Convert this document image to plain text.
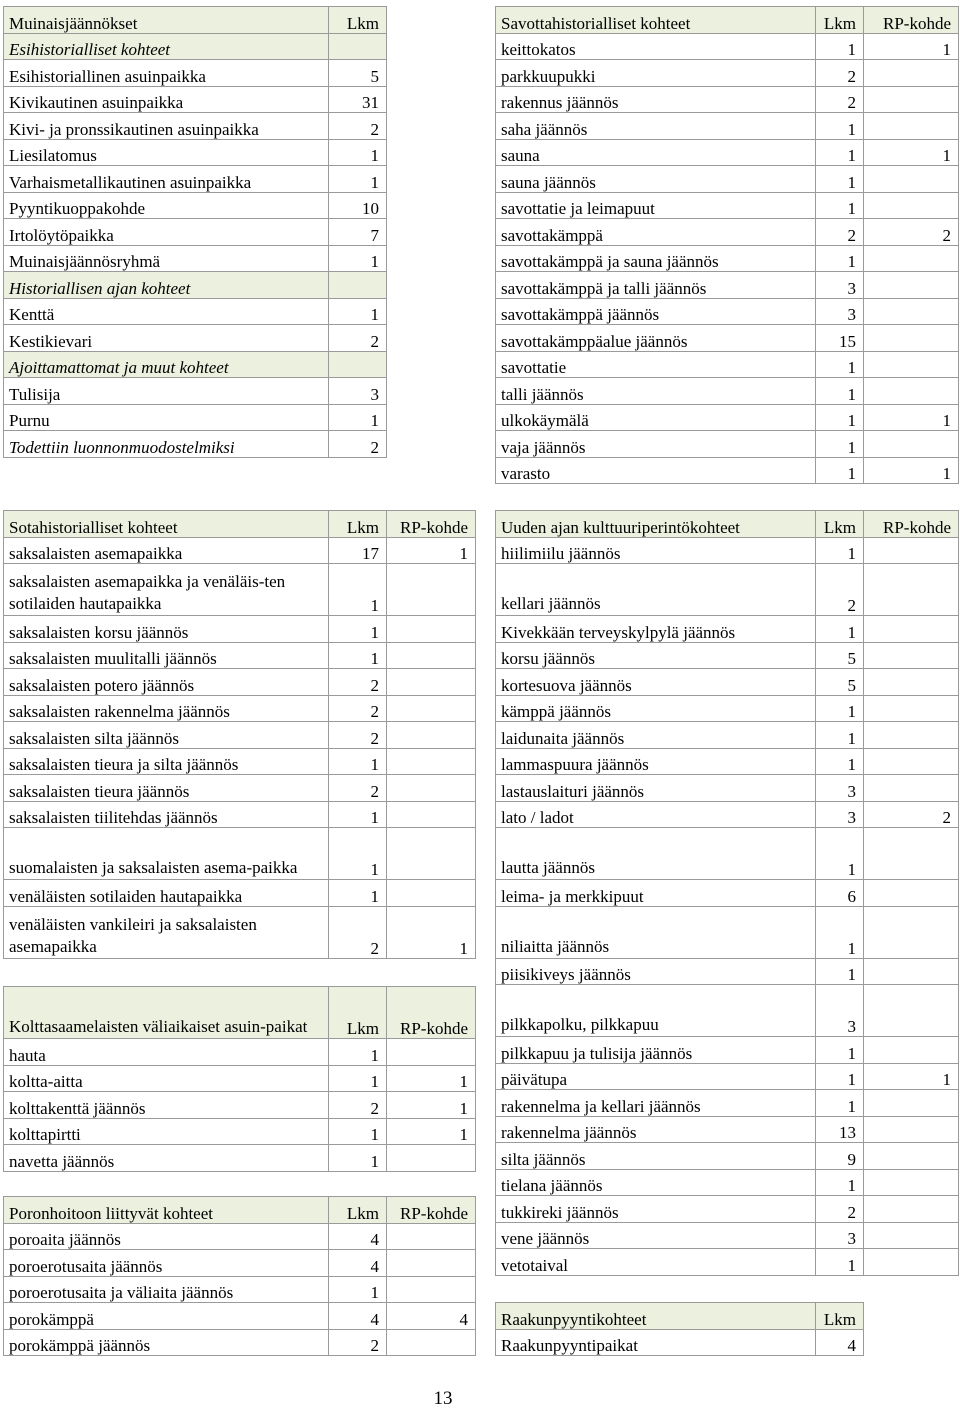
Muinaisjäännökset	Lkm
Esihistorialliset kohteet	
Esihistoriallinen asuinpaikka	5
Kivikautinen asuinpaikka	31
Kivi- ja pronssikautinen asuinpaikka	2
Liesilatomus	1
Varhaismetallikautinen asuinpaikka	1
Pyyntikuoppakohde	10
Irtolöytöpaikka	7
Muinaisjäännösryhmä	1
Historiallisen ajan kohteet	
Kenttä	1
Kestikievari	2
Ajoittamattomat ja muut kohteet	
Tulisija	3
Purnu	1
Todettiin luonnonmuodostelmiksi	2
Savottahistorialliset kohteet	Lkm	RP-kohde
keittokatos	1	1
parkkuupukki	2	
rakennus jäännös	2	
saha jäännös	1	
sauna	1	1
sauna jäännös	1	
savottatie ja leimapuut	1	
savottakämppä	2	2
savottakämppä ja sauna jäännös	1	
savottakämppä ja talli jäännös	3	
savottakämppä jäännös	3	
savottakämppäalue jäännös	15	
savottatie	1	
talli jäännös	1	
ulkokäymälä	1	1
vaja jäännös	1	
varasto	1	1
Sotahistorialliset kohteet	Lkm	RP-kohde
saksalaisten asemapaikka	17	1
saksalaisten asemapaikka ja venäläis-ten sotilaiden hautapaikka	1	
saksalaisten korsu jäännös	1	
saksalaisten muulitalli jäännös	1	
saksalaisten potero jäännös	2	
saksalaisten rakennelma jäännös	2	
saksalaisten silta jäännös	2	
saksalaisten tieura ja silta jäännös	1	
saksalaisten tieura jäännös	2	
saksalaisten tiilitehdas jäännös	1	
suomalaisten ja saksalaisten asema-paikka	1	
venäläisten sotilaiden hautapaikka	1	
venäläisten vankileiri ja saksalaisten asemapaikka	2	1
Kolttasaamelaisten väliaikaiset asuin-paikat	Lkm	RP-kohde
hauta	1	
koltta-aitta	1	1
kolttakenttä jäännös	2	1
kolttapirtti	1	1
navetta jäännös	1	
Poronhoitoon liittyvät kohteet	Lkm	RP-kohde
poroaita jäännös	4	
poroerotusaita jäännös	4	
poroerotusaita ja väliaita jäännös	1	
porokämppä	4	4
porokämppä jäännös	2	
Uuden ajan kulttuuriperintökohteet	Lkm	RP-kohde
hiilimiilu jäännös	1	
kellari jäännös	2	
Kivekkään terveyskylpylä jäännös	1	
korsu jäännös	5	
kortesuova jäännös	5	
kämppä jäännös	1	
laidunaita jäännös	1	
lammaspuura jäännös	1	
lastauslaituri jäännös	3	
lato / ladot	3	2
lautta jäännös	1	
leima- ja merkkipuut	6	
niliaitta jäännös	1	
piisikiveys jäännös	1	
pilkkapolku, pilkkapuu	3	
pilkkapuu ja tulisija jäännös	1	
päivätupa	1	1
rakennelma ja kellari jäännös	1	
rakennelma jäännös	13	
silta jäännös	9	
tielana jäännös	1	
tukkireki jäännös	2	
vene jäännös	3	
vetotaival	1	
Raakunpyyntikohteet	Lkm
Raakunpyyntipaikat	4
13
